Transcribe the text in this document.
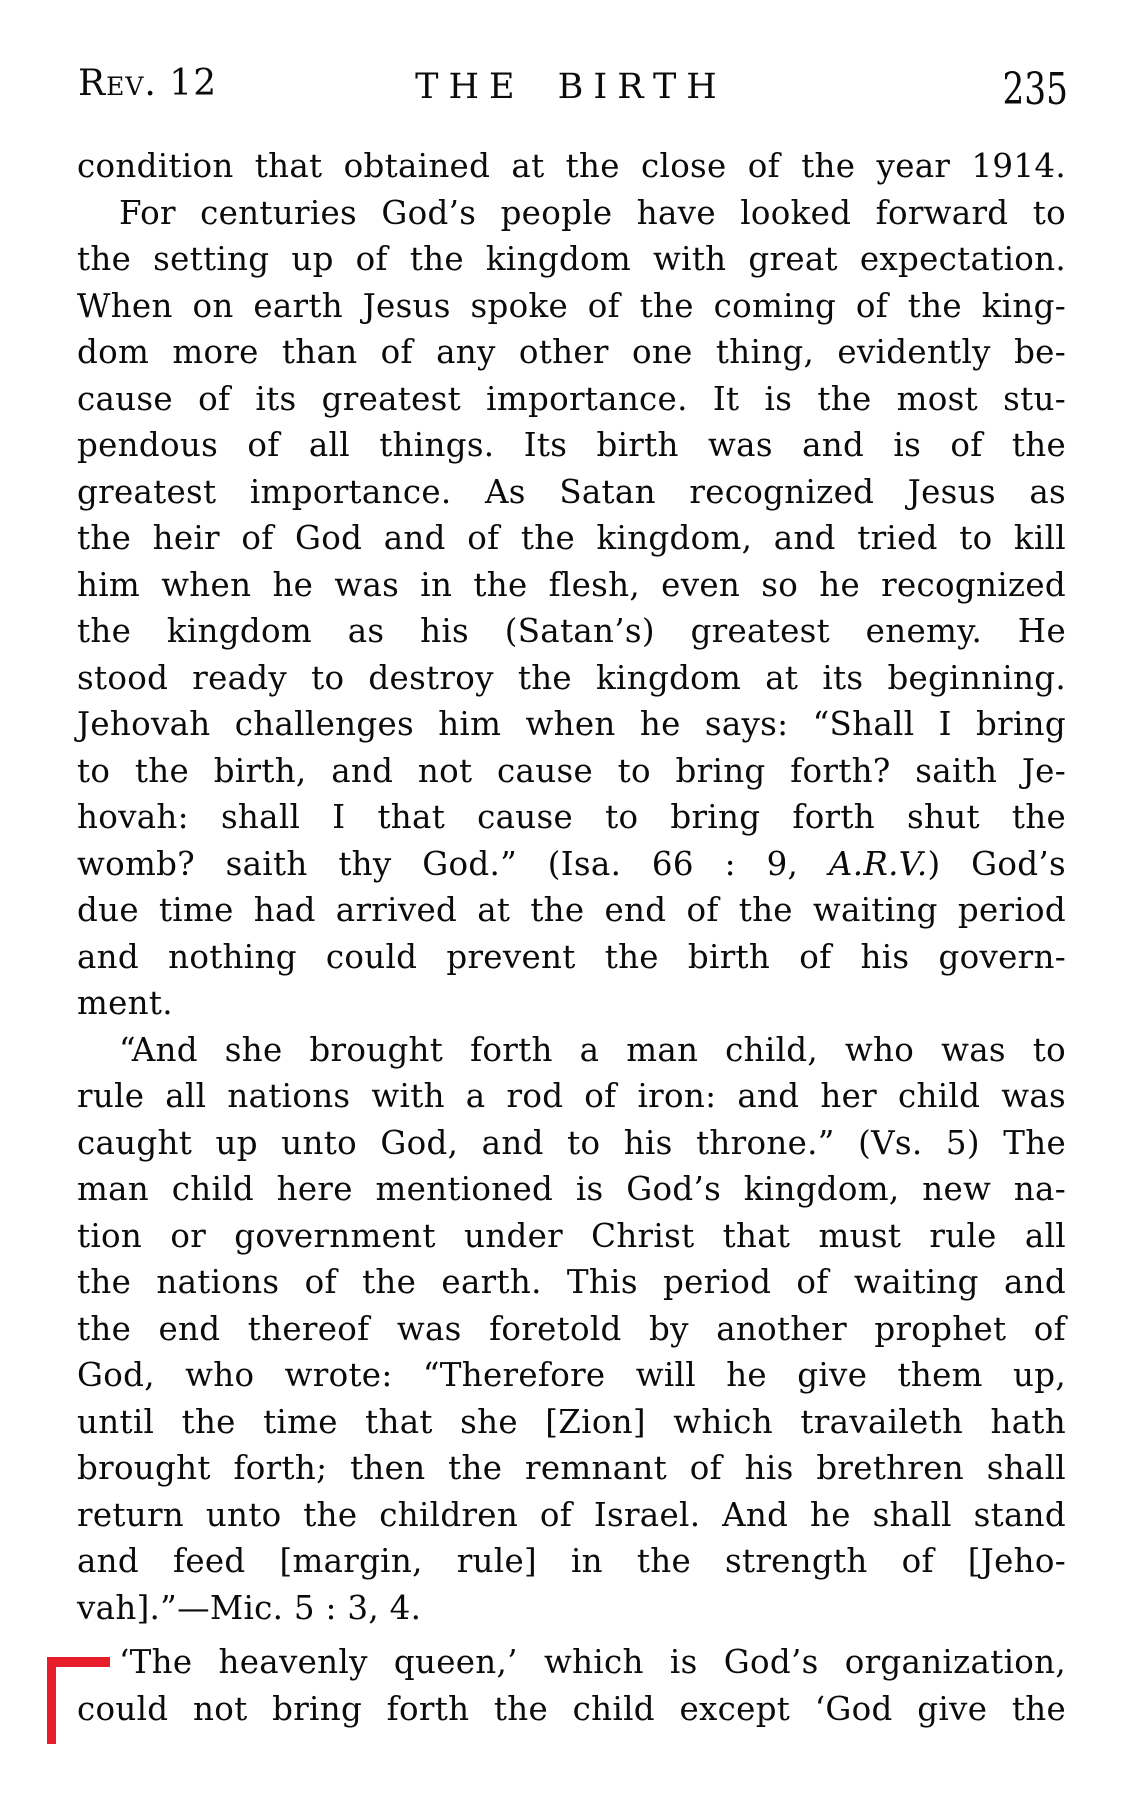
Rev. 12	THE BIRTH	235
condition that obtained at the close of the year 1914.
For centuries God’s people have looked forward to
the setting up of the kingdom with great expectation.
When on earth Jesus spoke of the coming of the king-
dom more than of any other one thing, evidently be-
cause of its greatest importance. It is the most stu-
pendous of all things. Its birth was and is of the
greatest importance. As Satan recognized Jesus as
the heir of God and of the kingdom, and tried to kill
him when he was in the flesh, even so he recognized
the kingdom as his (Satan’s) greatest enemy. He
stood ready to destroy the kingdom at its beginning.
Jehovah challenges him when he says: “Shall I bring
to the birth, and not cause to bring forth? saith Je-
hovah: shall I that cause to bring forth shut the
womb? saith thy God.” (Isa. 66 : 9, A.R.V.) God’s
due time had arrived at the end of the waiting period
and nothing could prevent the birth of his govern-
ment.
“And she brought forth a man child, who was to
rule all nations with a rod of iron: and her child was
caught up unto God, and to his throne.” (Vs. 5) The
man child here mentioned is God’s kingdom, new na-
tion or government under Christ that must rule all
the nations of the earth. This period of waiting and
the end thereof was foretold by another prophet of
God, who wrote: “Therefore will he give them up,
until the time that she [Zion] which travaileth hath
brought forth; then the remnant of his brethren shall
return unto the children of Israel. And he shall stand
and feed [margin, rule] in the strength of [Jeho-
vah].”—Mic. 5 : 3, 4.
‘The heavenly queen,’ which is God’s organization,
could not bring forth the child except ‘God give the
